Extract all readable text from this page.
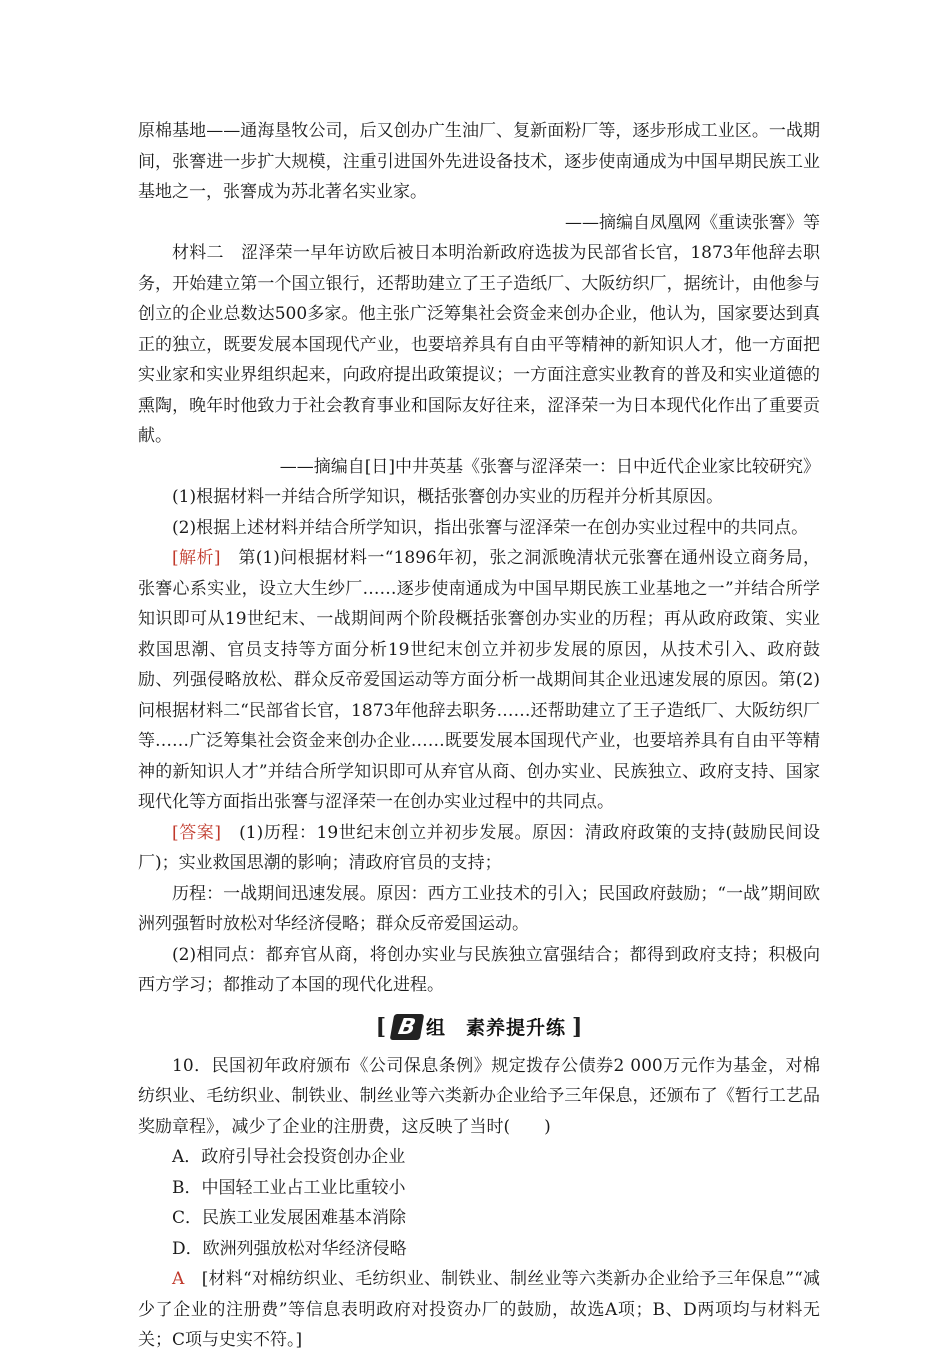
原棉基地——通海垦牧公司，后又创办广生油厂、复新面粉厂等，逐步形成工业区。一战期间，张謇进一步扩大规模，注重引进国外先进设备技术，逐步使南通成为中国早期民族工业基地之一，张謇成为苏北著名实业家。

——摘编自凤凰网《重读张謇》等

材料二　涩泽荣一早年访欧后被日本明治新政府选拔为民部省长官，1873年他辞去职务，开始建立第一个国立银行，还帮助建立了王子造纸厂、大阪纺织厂，据统计，由他参与创立的企业总数达500多家。他主张广泛筹集社会资金来创办企业，他认为，国家要达到真正的独立，既要发展本国现代产业，也要培养具有自由平等精神的新知识人才，他一方面把实业家和实业界组织起来，向政府提出政策提议；一方面注意实业教育的普及和实业道德的熏陶，晚年时他致力于社会教育事业和国际友好往来，涩泽荣一为日本现代化作出了重要贡献。

——摘编自[日]中井英基《张謇与涩泽荣一：日中近代企业家比较研究》

(1)根据材料一并结合所学知识，概括张謇创办实业的历程并分析其原因。

(2)根据上述材料并结合所学知识，指出张謇与涩泽荣一在创办实业过程中的共同点。

[解析]　第(1)问根据材料一“1896年初，张之洞派晚清状元张謇在通州设立商务局，张謇心系实业，设立大生纱厂……逐步使南通成为中国早期民族工业基地之一”并结合所学知识即可从19世纪末、一战期间两个阶段概括张謇创办实业的历程；再从政府政策、实业救国思潮、官员支持等方面分析19世纪末创立并初步发展的原因，从技术引入、政府鼓励、列强侵略放松、群众反帝爱国运动等方面分析一战期间其企业迅速发展的原因。第(2)问根据材料二“民部省长官，1873年他辞去职务……还帮助建立了王子造纸厂、大阪纺织厂等……广泛筹集社会资金来创办企业……既要发展本国现代产业，也要培养具有自由平等精神的新知识人才”并结合所学知识即可从弃官从商、创办实业、民族独立、政府支持、国家现代化等方面指出张謇与涩泽荣一在创办实业过程中的共同点。

[答案]　(1)历程：19世纪末创立并初步发展。原因：清政府政策的支持(鼓励民间设厂)；实业救国思潮的影响；清政府官员的支持；

历程：一战期间迅速发展。原因：西方工业技术的引入；民国政府鼓励；“一战”期间欧洲列强暂时放松对华经济侵略；群众反帝爱国运动。

(2)相同点：都弃官从商，将创办实业与民族独立富强结合；都得到政府支持；积极向西方学习；都推动了本国的现代化进程。

[ B 组　素养提升练 ]

10．民国初年政府颁布《公司保息条例》规定拨存公债券2 000万元作为基金，对棉纺织业、毛纺织业、制铁业、制丝业等六类新办企业给予三年保息，还颁布了《暂行工艺品奖励章程》，减少了企业的注册费，这反映了当时(　　)

A．政府引导社会投资创办企业

B．中国轻工业占工业比重较小

C．民族工业发展困难基本消除

D．欧洲列强放松对华经济侵略

A　[材料“对棉纺织业、毛纺织业、制铁业、制丝业等六类新办企业给予三年保息”“减少了企业的注册费”等信息表明政府对投资办厂的鼓励，故选A项；B、D两项均与材料无关；C项与史实不符。]
